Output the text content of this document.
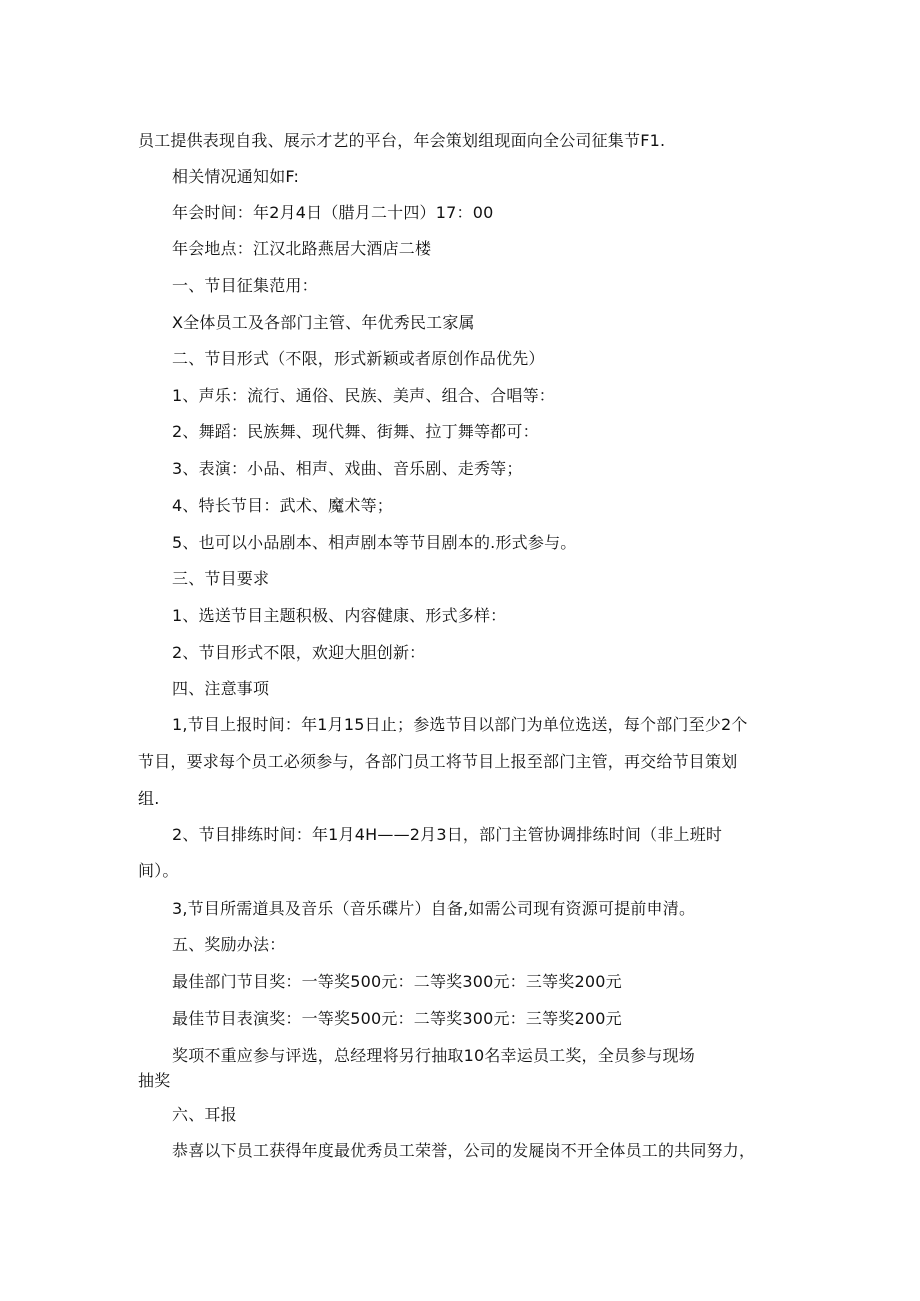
员工提供表现自我、展示才艺的平台，年会策划组现面向全公司征集节F1.
相关情况通知如F:
年会时间：年2月4日（腊月二十四）17：00
年会地点：江汉北路燕居大酒店二楼
一、节目征集范用：
X全体员工及各部门主管、年优秀民工家属
二、节目形式（不限，形式新颖或者原创作品优先）
1、声乐：流行、通俗、民族、美声、组合、合唱等：
2、舞蹈：民族舞、现代舞、街舞、拉丁舞等都可：
3、表演：小品、相声、戏曲、音乐剧、走秀等；
4、特长节目：武术、魔术等；
5、也可以小品剧本、相声剧本等节目剧本的.形式参与。
三、节目要求
1、选送节目主题积极、内容健康、形式多样：
2、节目形式不限，欢迎大胆创新：
四、注意事项
1,节目上报时间：年1月15日止；参选节目以部门为单位选送，每个部门至少2个
节目，要求每个员工必须参与，各部门员工将节目上报至部门主管，再交给节目策划
组.
2、节目排练时间：年1月4H——2月3日，部门主管协调排练时间（非上班时
间）。
3,节目所需道具及音乐（音乐碟片）自备,如需公司现有资源可提前申清。
五、奖励办法：
最佳部门节目奖：一等奖500元：二等奖300元：三等奖200元
最佳节目表演奖：一等奖500元：二等奖300元：三等奖200元
奖项不重应参与评选，总经理将另行抽取10名幸运员工奖，全员参与现场
抽奖
六、耳报
恭喜以下员工获得年度最优秀员工荣誉，公司的发屣岗不开全体员工的共同努力，
